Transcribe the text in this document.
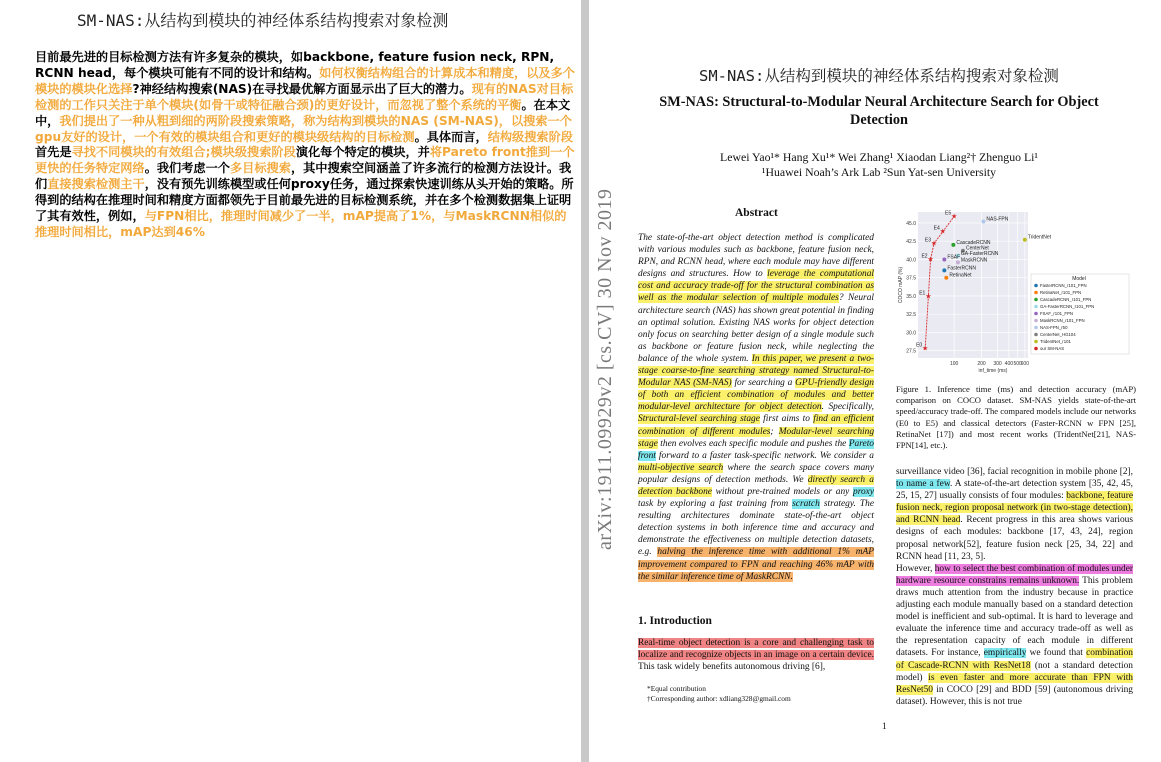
SM-NAS:从结构到模块的神经体系结构搜索对象检测
目前最先进的目标检测方法有许多复杂的模块，如backbone, feature fusion neck, RPN, RCNN head，每个模块可能有不同的设计和结构。如何权衡结构组合的计算成本和精度，以及多个模块的模块化选择?神经结构搜索(NAS)在寻找最优解方面显示出了巨大的潜力。现有的NAS对目标检测的工作只关注于单个模块(如骨干或特征融合颈)的更好设计，而忽视了整个系统的平衡。在本文中，我们提出了一种从粗到细的两阶段搜索策略，称为结构到模块的NAS (SM-NAS)，以搜索一个gpu友好的设计，一个有效的模块组合和更好的模块级结构的目标检测。具体而言，结构级搜索阶段首先是寻找不同模块的有效组合;模块级搜索阶段演化每个特定的模块，并将Pareto front推到一个更快的任务特定网络。我们考虑一个多目标搜索，其中搜索空间涵盖了许多流行的检测方法设计。我们直接搜索检测主干，没有预先训练模型或任何proxy任务，通过探索快速训练从头开始的策略。所得到的结构在推理时间和精度方面都领先于目前最先进的目标检测系统，并在多个检测数据集上证明了其有效性，例如，与FPN相比，推理时间减少了一半，mAP提高了1%，与MaskRCNN相似的推理时间相比，mAP达到46%
SM-NAS:从结构到模块的神经体系结构搜索对象检测
SM-NAS: Structural-to-Modular Neural Architecture Search for Object Detection
Lewei Yao¹* Hang Xu¹* Wei Zhang¹ Xiaodan Liang²† Zhenguo Li¹
¹Huawei Noah’s Ark Lab ²Sun Yat-sen University
arXiv:1911.09929v2 [cs.CV] 30 Nov 2019	Abstract
The state-of-the-art object detection method is complicated with various modules such as backbone, feature fusion neck, RPN, and RCNN head, where each module may have different designs and structures. How to leverage the computational cost and accuracy trade-off for the structural combination as well as the modular selection of multiple modules? Neural architecture search (NAS) has shown great potential in finding an optimal solution. Existing NAS works for object detection only focus on searching better design of a single module such as backbone or feature fusion neck, while neglecting the balance of the whole system. In this paper, we present a two-stage coarse-to-fine searching strategy named Structural-to-Modular NAS (SM-NAS) for searching a GPU-friendly design of both an efficient combination of modules and better modular-level architecture for object detection. Specifically, Structural-level searching stage first aims to find an efficient combination of different modules; Modular-level searching stage then evolves each specific module and pushes the Pareto front forward to a faster task-specific network. We consider a multi-objective search where the search space covers many popular designs of detection methods. We directly search a detection backbone without pre-trained models or any proxy task by exploring a fast training from scratch strategy. The resulting architectures dominate state-of-the-art object detection systems in both inference time and accuracy and demonstrate the effectiveness on multiple detection datasets, e.g. halving the inference time with additional 1% mAP improvement compared to FPN and reaching 46% mAP with the similar inference time of MaskRCNN.
1. Introduction
Real-time object detection is a core and challenging task to localize and recognize objects in an image on a certain device. This task widely benefits autonomous driving [6],
*Equal contribution
†Corresponding author: xdliang328@gmail.com
27.5
30.0
32.5
35.0
37.5
40.0
42.5
45.0
100	200 300 400 500
600
inf_time (ms)
COCO mAP (%)
★
E0
★
E1
★
E2
★
E3
★
E4
★
E5
NAS-FPN
TridentNet
CascadeRCNN
CenterNet
GA-FasterRCNN
FSAF MaskRCNN
FasterRCNN
RetinaNet
Model
FasterRCNN_r101_FPN
RetinaNet_r101_FPN
CascadeRCNN_r101_FPN
GA-FasterRCNN_r101_FPN
FSAF_r101_FPN
MaskRCNN_r101_FPN
NAS-FPN_r50
CenterNet_HG104
TridentNet_r101
our SM-NAS
Figure 1. Inference time (ms) and detection accuracy (mAP) comparison on COCO dataset. SM-NAS yields state-of-the-art speed/accuracy trade-off. The compared models include our networks (E0 to E5) and classical detectors (Faster-RCNN w FPN [25], RetinaNet [17]) and most recent works (TridentNet[21], NAS-FPN[14], etc.).
surveillance video [36], facial recognition in mobile phone [2], to name a few. A state-of-the-art detection system [35, 42, 45, 25, 15, 27] usually consists of four modules: backbone, feature fusion neck, region proposal network (in two-stage detection), and RCNN head. Recent progress in this area shows various designs of each modules: backbone [17, 43, 24], region proposal network[52], feature fusion neck [25, 34, 22] and RCNN head [11, 23, 5].
However, how to select the best combination of modules under hardware resource constrains remains unknown. This problem draws much attention from the industry because in practice adjusting each module manually based on a standard detection model is inefficient and sub-optimal. It is hard to leverage and evaluate the inference time and accuracy trade-off as well as the representation capacity of each module in different datasets. For instance, empirically we found that combination of Cascade-RCNN with ResNet18 (not a standard detection model) is even faster and more accurate than FPN with ResNet50 in COCO [29] and BDD [59] (autonomous driving dataset). However, this is not true
1
